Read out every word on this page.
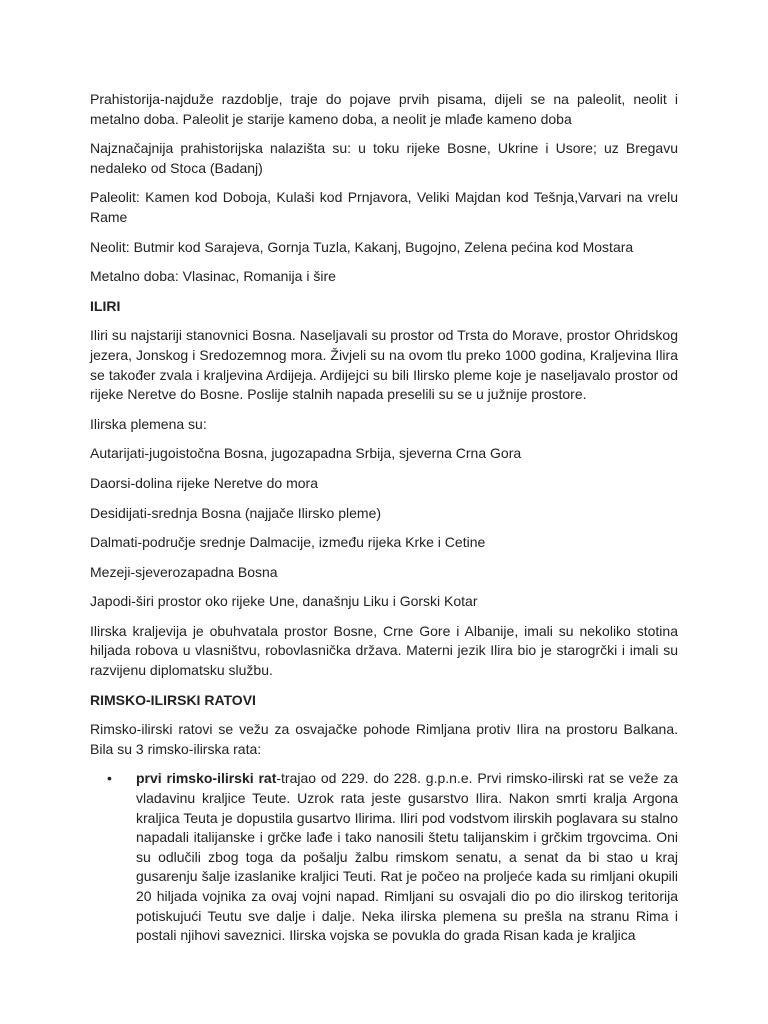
Prahistorija-najduže razdoblje, traje do pojave prvih pisama, dijeli se na paleolit, neolit i metalno doba. Paleolit je starije kameno doba, a neolit je mlađe kameno doba

Najznačajnija prahistorijska nalazišta su: u toku rijeke Bosne, Ukrine i Usore; uz Bregavu nedaleko od Stoca (Badanj)

Paleolit: Kamen kod Doboja, Kulaši kod Prnjavora, Veliki Majdan kod Tešnja,Varvari na vrelu Rame

Neolit: Butmir kod Sarajeva, Gornja Tuzla, Kakanj, Bugojno, Zelena pećina kod Mostara

Metalno doba: Vlasinac, Romanija i šire

ILIRI

Iliri su najstariji stanovnici Bosna. Naseljavali su prostor od Trsta do Morave, prostor Ohridskog jezera, Jonskog i Sredozemnog mora. Živjeli su na ovom tlu preko 1000 godina, Kraljevina Ilira se također zvala i kraljevina Ardijeja. Ardijejci su bili Ilirsko pleme koje je naseljavalo prostor od rijeke Neretve do Bosne. Poslije stalnih napada preselili su se u južnije prostore.

Ilirska plemena su:

Autarijati-jugoistočna Bosna, jugozapadna Srbija, sjeverna Crna Gora

Daorsi-dolina rijeke Neretve do mora

Desidijati-srednja Bosna (najjače Ilirsko pleme)

Dalmati-područje srednje Dalmacije, između rijeka Krke i Cetine

Mezeji-sjeverozapadna Bosna

Japodi-širi prostor oko rijeke Une, današnju Liku i Gorski Kotar

Ilirska kraljevija je obuhvatala prostor Bosne, Crne Gore i Albanije, imali su nekoliko stotina hiljada robova u vlasništvu, robovlasnička država. Materni jezik Ilira bio je starogrčki i imali su razvijenu diplomatsku službu.

RIMSKO-ILIRSKI RATOVI

Rimsko-ilirski ratovi se vežu za osvajačke pohode Rimljana protiv Ilira na prostoru Balkana. Bila su 3 rimsko-ilirska rata:

• prvi rimsko-ilirski rat-trajao od 229. do 228. g.p.n.e. Prvi rimsko-ilirski rat se veže za vladavinu kraljice Teute. Uzrok rata jeste gusarstvo Ilira. Nakon smrti kralja Argona kraljica Teuta je dopustila gusartvo Ilirima. Iliri pod vodstvom ilirskih poglavara su stalno napadali italijanske i grčke lađe i tako nanosili štetu talijanskim i grčkim trgovcima. Oni su odlučili zbog toga da pošalju žalbu rimskom senatu, a senat da bi stao u kraj gusarenju šalje izaslanike kraljici Teuti. Rat je počeo na proljeće kada su rimljani okupili 20 hiljada vojnika za ovaj vojni napad. Rimljani su osvajali dio po dio ilirskog teritorija potiskujući Teutu sve dalje i dalje. Neka ilirska plemena su prešla na stranu Rima i postali njihovi saveznici. Ilirska vojska se povukla do grada Risan kada je kraljica
